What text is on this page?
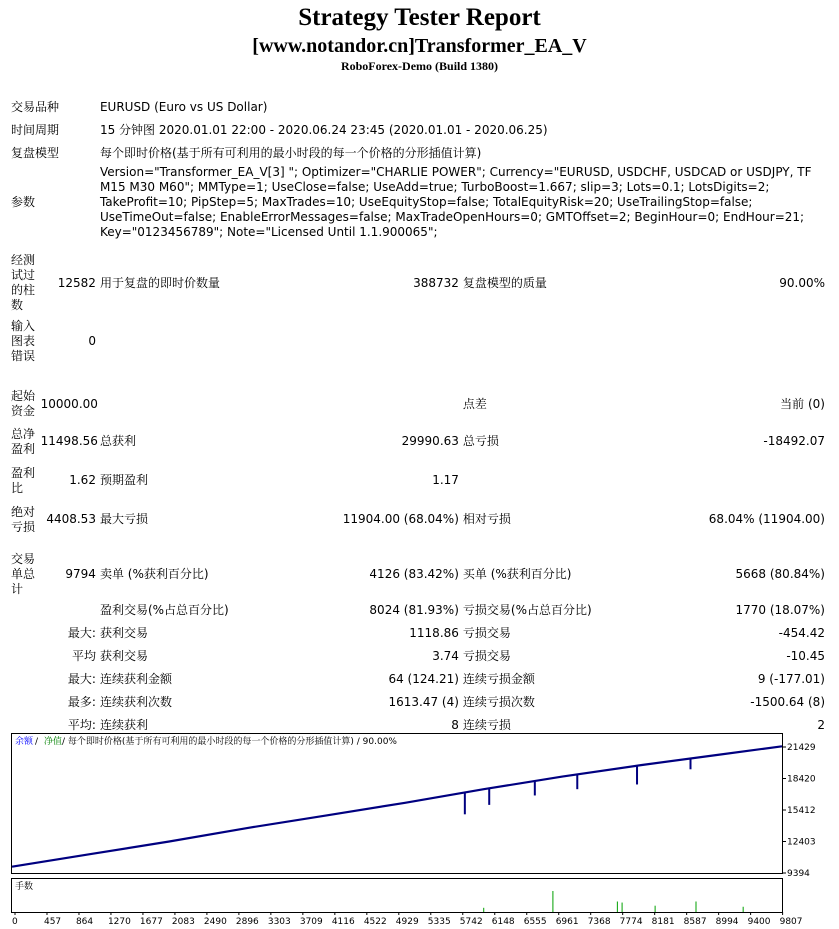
Strategy Tester Report
[www.notandor.cn]Transformer_EA_V
RoboForex-Demo (Build 1380)
交易品种		EURUSD (Euro vs US Dollar)			
时间周期		15 分钟图 2020.01.01 22:00 - 2020.06.24 23:45 (2020.01.01 - 2020.06.25)			
复盘模型		每个即时价格(基于所有可利用的最小时段的每一个价格的分形插值计算)			
参数		Version="Transformer_EA_V[3] "; Optimizer="CHARLIE POWER"; Currency="EURUSD, USDCHF, USDCAD or USDJPY, TF M15 M30 M60"; MMType=1; UseClose=false; UseAdd=true; TurboBoost=1.667; slip=3; Lots=0.1; LotsDigits=2; TakeProfit=10; PipStep=5; MaxTrades=10; UseEquityStop=false; TotalEquityRisk=20; UseTrailingStop=false; UseTimeOut=false; EnableErrorMessages=false; MaxTradeOpenHours=0; GMTOffset=2; BeginHour=0; EndHour=21; Key="0123456789"; Note="Licensed Until 1.1.900065";			

经测试过的柱数	12582	用于复盘的即时价数量	388732	复盘模型的质量	90.00%
输入图表错误	0				

起始资金	10000.00			点差	当前 (0)
总净盈利	11498.56	总获利	29990.63	总亏损	-18492.07
盈利比	1.62	预期盈利	1.17		
绝对亏损	4408.53	最大亏损	11904.00 (68.04%)	相对亏损	68.04% (11904.00)

交易单总计	9794	卖单 (%获利百分比)	4126 (83.42%)	买单 (%获利百分比)	5668 (80.84%)
		盈利交易(%占总百分比)	8024 (81.93%)	亏损交易(%占总百分比)	1770 (18.07%)
	最大:	获利交易	1118.86	亏损交易	-454.42
	平均	获利交易	3.74	亏损交易	-10.45
	最大:	连续获利金额	64 (124.21)	连续亏损金额	9 (-177.01)
	最多:	连续获利次数	1613.47 (4)	连续亏损次数	-1500.64 (8)
	平均:	连续获利	8	连续亏损	2
余额 / 净值 / 每个即时价格(基于所有可利用的最小时段的每一个价格的分形插值计算) / 90.00%
手数
21429
18420
15412
12403
9394
0	457 864 1270 1677 2083 2490 2896 3303 3709 4116 4522 4929 5335 5742 6148 6555 6961 7368 7774 8181 8587 8994 9400 9807
